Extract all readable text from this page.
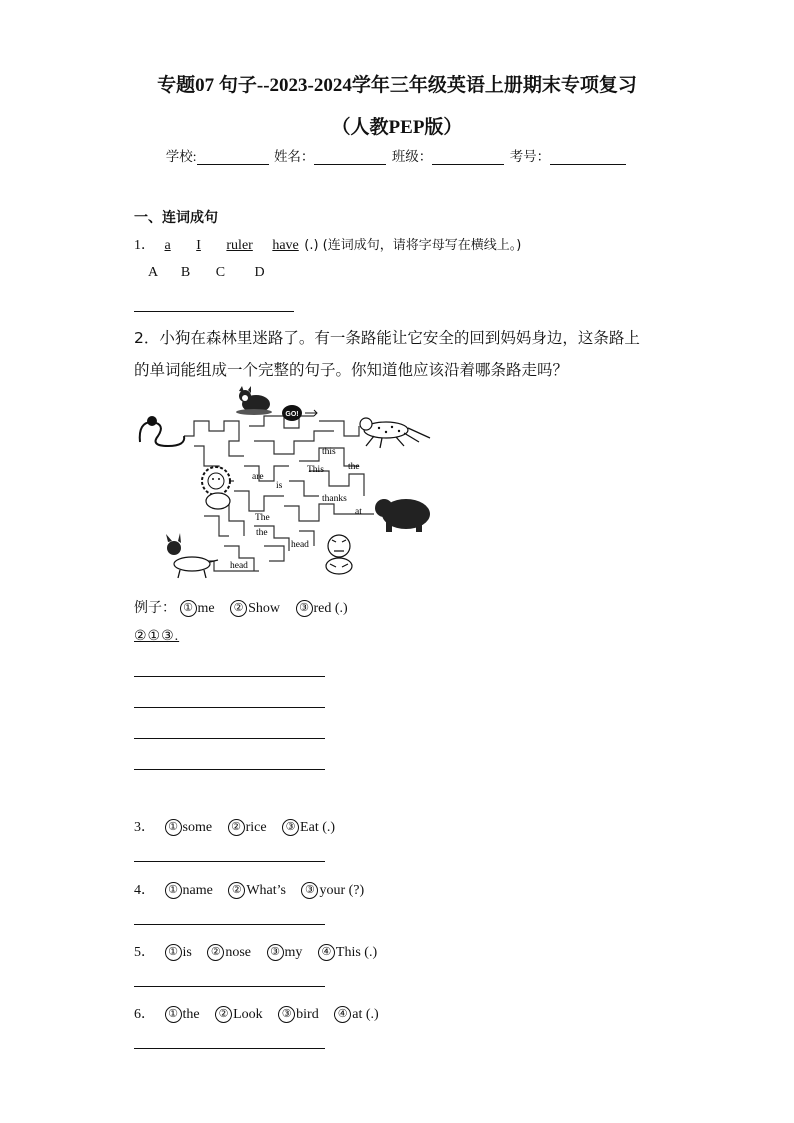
专题07 句子--2023-2024学年三年级英语上册期末专项复习
（人教PEP版）
学校:	姓名：	班级：	考号：
一、连词成句
1． a I ruler have (.) (连词成句，请将字母写在横线上。)
A B C D
2．小狗在森林里迷路了。有一条路能让它安全的回到妈妈身边，这条路上
的单词能组成一个完整的句子。你知道他应该沿着哪条路走吗？
GO!
this
This	the
are
is
thanks
at
The
the
head
head
例子： ① me ② Show ③ red (.)
②①③.
3． ① some ② rice ③ Eat (.)
4． ① name ② What’s ③ your (?)
5． ① is ② nose ③ my ④ This (.)
6． ① the ② Look ③ bird ④ at (.)
